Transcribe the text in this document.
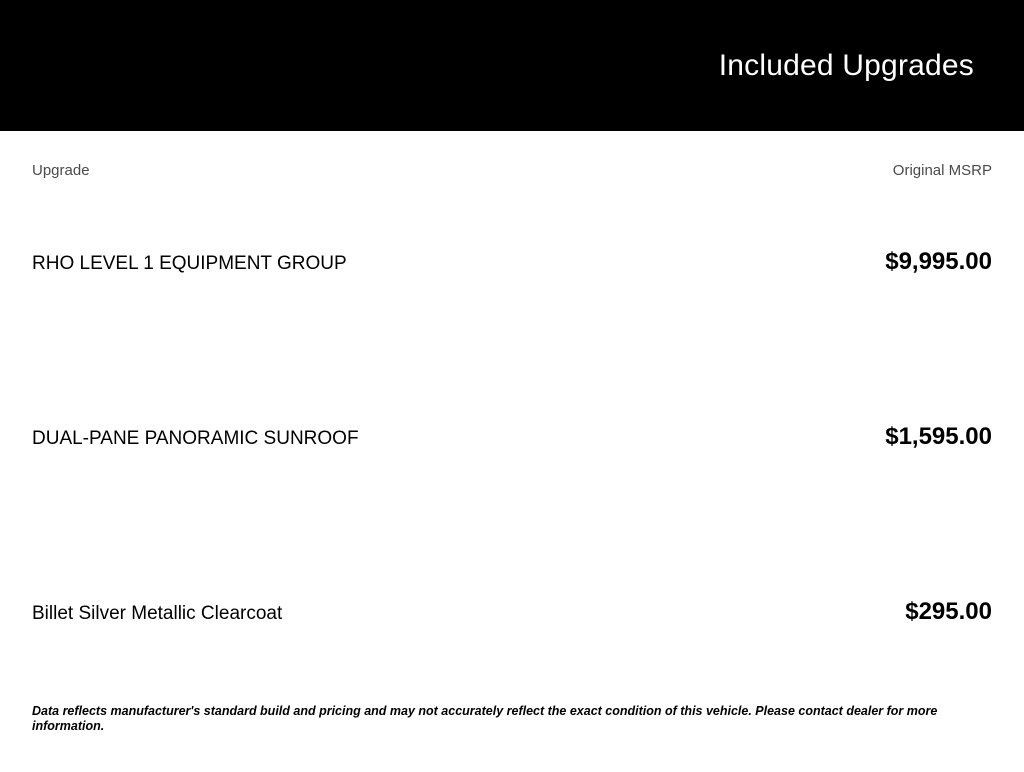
Included Upgrades
Upgrade	Original MSRP
RHO LEVEL 1 EQUIPMENT GROUP	$9,995.00
DUAL-PANE PANORAMIC SUNROOF	$1,595.00
Billet Silver Metallic Clearcoat	$295.00
Data reflects manufacturer's standard build and pricing and may not accurately reflect the exact condition of this vehicle. Please contact dealer for more information.
